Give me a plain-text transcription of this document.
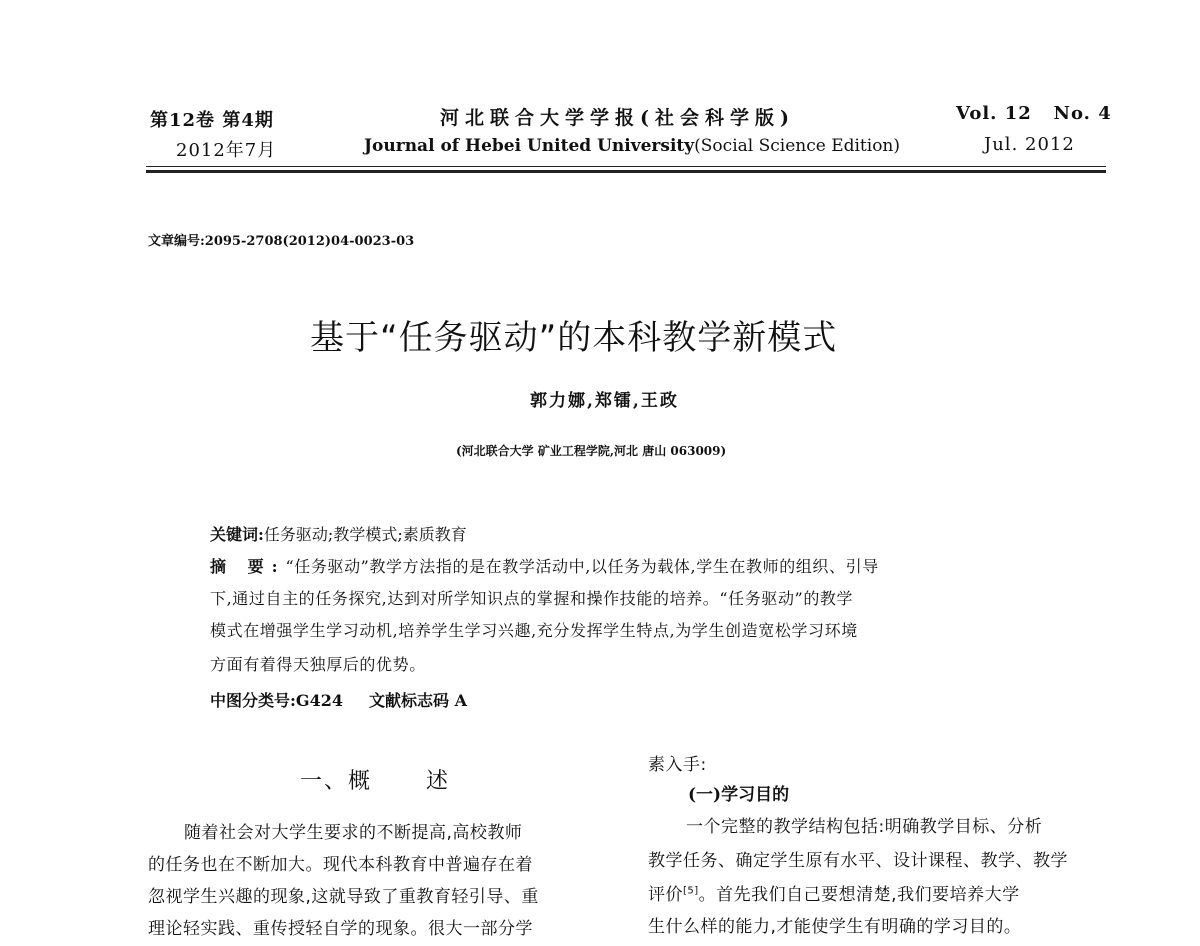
第12卷 第4期
2012年7月
河北联合大学学报(社会科学版)
Journal of Hebei United University(Social Science Edition)
Vol. 12   No. 4
Jul. 2012
文章编号:2095-2708(2012)04-0023-03
基于“任务驱动”的本科教学新模式
郭力娜,郑镭,王政
(河北联合大学 矿业工程学院,河北 唐山 063009)
关键词:任务驱动;教学模式;素质教育
摘 要:“任务驱动”教学方法指的是在教学活动中,以任务为载体,学生在教师的组织、引导
下,通过自主的任务探究,达到对所学知识点的掌握和操作技能的培养。“任务驱动”的教学
模式在增强学生学习动机,培养学生学习兴趣,充分发挥学生特点,为学生创造宽松学习环境
方面有着得天独厚后的优势。
中图分类号:G424 文献标志码 A
一、概      述
随着社会对大学生要求的不断提高,高校教师
的任务也在不断加大。现代本科教育中普遍存在着
忽视学生兴趣的现象,这就导致了重教育轻引导、重
理论轻实践、重传授轻自学的现象。很大一部分学
素入手:
(一)学习目的
一个完整的教学结构包括:明确教学目标、分析
教学任务、确定学生原有水平、设计课程、教学、教学
评价[5]。首先我们自己要想清楚,我们要培养大学
生什么样的能力,才能使学生有明确的学习目的。
